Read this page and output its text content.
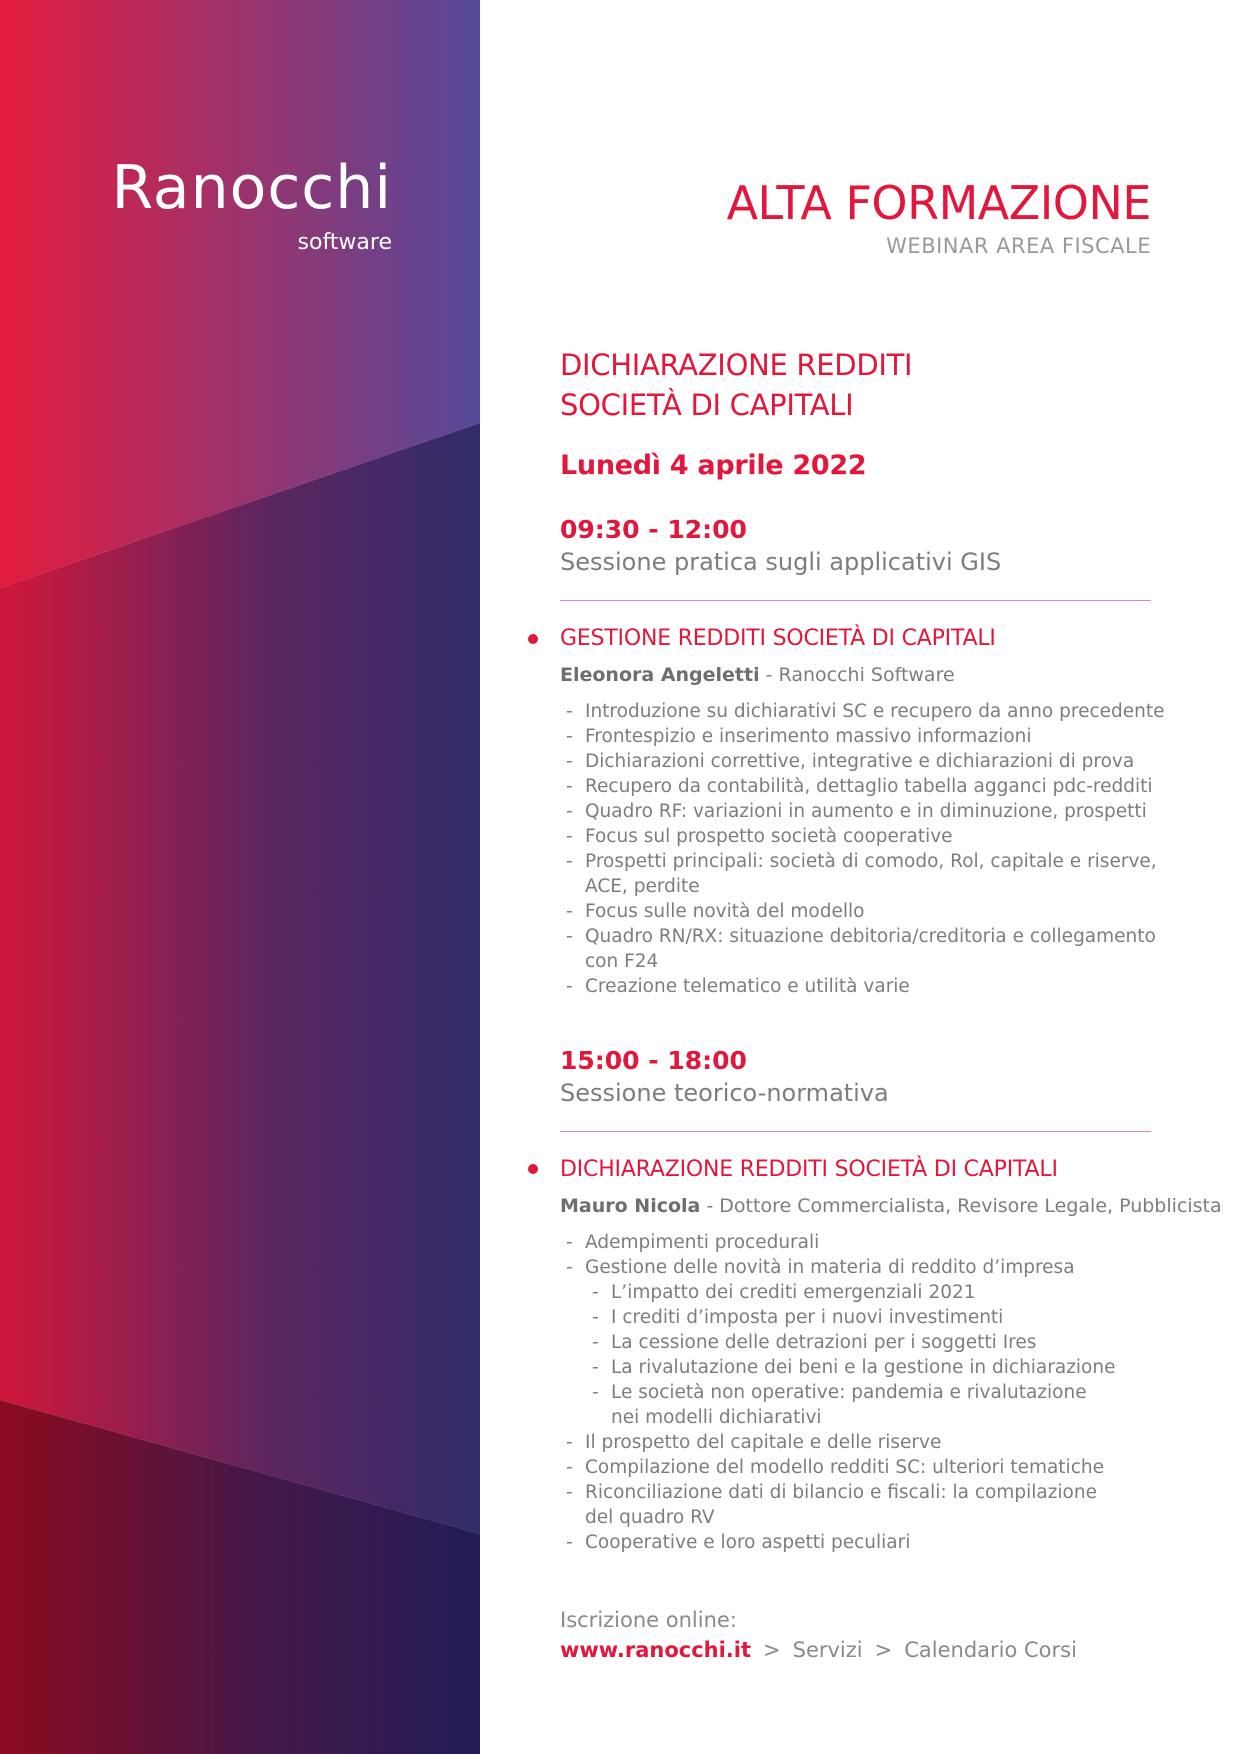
Ranocchi
software
ALTA FORMAZIONE
WEBINAR AREA FISCALE
DICHIARAZIONE REDDITI
SOCIETÀ DI CAPITALI
Lunedì 4 aprile 2022
09:30 - 12:00
Sessione pratica sugli applicativi GIS
GESTIONE REDDITI SOCIETÀ DI CAPITALI
Eleonora Angeletti - Ranocchi Software
- Introduzione su dichiarativi SC e recupero da anno precedente
- Frontespizio e inserimento massivo informazioni
- Dichiarazioni correttive, integrative e dichiarazioni di prova
- Recupero da contabilità, dettaglio tabella agganci pdc-redditi
- Quadro RF: variazioni in aumento e in diminuzione, prospetti
- Focus sul prospetto società cooperative
- Prospetti principali: società di comodo, Rol, capitale e riserve, ACE, perdite
- Focus sulle novità del modello
- Quadro RN/RX: situazione debitoria/creditoria e collegamento con F24
- Creazione telematico e utilità varie
15:00 - 18:00
Sessione teorico-normativa
DICHIARAZIONE REDDITI SOCIETÀ DI CAPITALI
Mauro Nicola - Dottore Commercialista, Revisore Legale, Pubblicista
- Adempimenti procedurali
- Gestione delle novità in materia di reddito d’impresa
- L’impatto dei crediti emergenziali 2021
- I crediti d’imposta per i nuovi investimenti
- La cessione delle detrazioni per i soggetti Ires
- La rivalutazione dei beni e la gestione in dichiarazione
- Le società non operative: pandemia e rivalutazione nei modelli dichiarativi
- Il prospetto del capitale e delle riserve
- Compilazione del modello redditi SC: ulteriori tematiche
- Riconciliazione dati di bilancio e fiscali: la compilazione del quadro RV
- Cooperative e loro aspetti peculiari
Iscrizione online:
www.ranocchi.it > Servizi > Calendario Corsi
